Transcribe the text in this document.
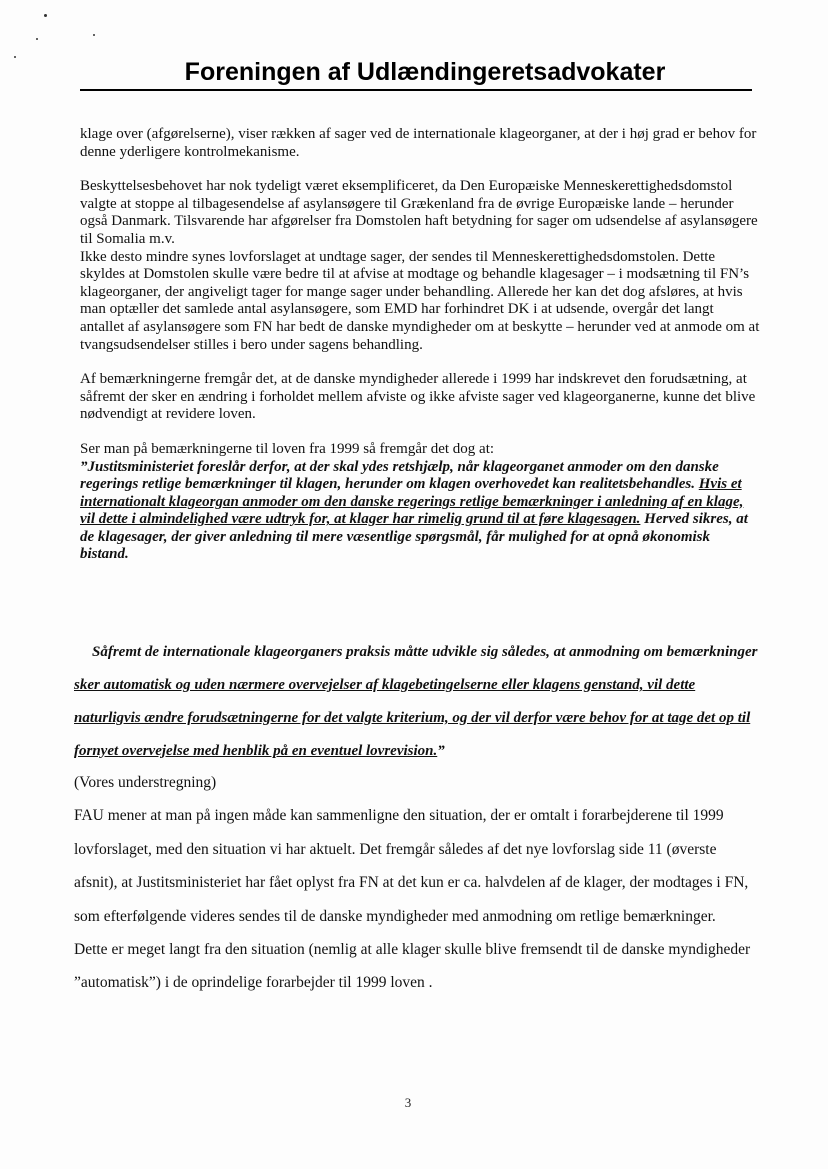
Foreningen af Udlændingeretsadvokater

klage over (afgørelserne), viser rækken af sager ved de internationale klageorganer, at der i høj grad er behov for denne yderligere kontrolmekanisme.

Beskyttelsesbehovet har nok tydeligt været eksemplificeret, da Den Europæiske Menneskerettighedsdomstol valgte at stoppe al tilbagesendelse af asylansøgere til Grækenland fra de øvrige Europæiske lande – herunder også Danmark. Tilsvarende har afgørelser fra Domstolen haft betydning for sager om udsendelse af asylansøgere til Somalia m.v.

Ikke desto mindre synes lovforslaget at undtage sager, der sendes til Menneskerettighedsdomstolen. Dette skyldes at Domstolen skulle være bedre til at afvise at modtage og behandle klagesager – i modsætning til FN’s klageorganer, der angiveligt tager for mange sager under behandling. Allerede her kan det dog afsløres, at hvis man optæller det samlede antal asylansøgere, som EMD har forhindret DK i at udsende, overgår det langt antallet af asylansøgere som FN har bedt de danske myndigheder om at beskytte – herunder ved at anmode om at tvangsudsendelser stilles i bero under sagens behandling.

Af bemærkningerne fremgår det, at de danske myndigheder allerede i 1999 har indskrevet den forudsætning, at såfremt der sker en ændring i forholdet mellem afviste og ikke afviste sager ved klageorganerne, kunne det blive nødvendigt at revidere loven.

Ser man på bemærkningerne til loven fra 1999 så fremgår det dog at:

”Justitsministeriet foreslår derfor, at der skal ydes retshjælp, når klageorganet anmoder om den danske regerings retlige bemærkninger til klagen, herunder om klagen overhovedet kan realitetsbehandles. Hvis et internationalt klageorgan anmoder om den danske regerings retlige bemærkninger i anledning af en klage, vil dette i almindelighed være udtryk for, at klager har rimelig grund til at føre klagesagen. Herved sikres, at de klagesager, der giver anledning til mere væsentlige spørgsmål, får mulighed for at opnå økonomisk bistand.

Såfremt de internationale klageorganers praksis måtte udvikle sig således, at anmodning om bemærkninger sker automatisk og uden nærmere overvejelser af klagebetingelserne eller klagens genstand, vil dette naturligvis ændre forudsætningerne for det valgte kriterium, og der vil derfor være behov for at tage det op til fornyet overvejelse med henblik på en eventuel lovrevision.”

(Vores understregning)

FAU mener at man på ingen måde kan sammenligne den situation, der er omtalt i forarbejderene til 1999 lovforslaget, med den situation vi har aktuelt. Det fremgår således af det nye lovforslag side 11 (øverste afsnit), at Justitsministeriet har fået oplyst fra FN at det kun er ca. halvdelen af de klager, der modtages i FN, som efterfølgende videres sendes til de danske myndigheder med anmodning om retlige bemærkninger.

Dette er meget langt fra den situation (nemlig at alle klager skulle blive fremsendt til de danske myndigheder ”automatisk”) i de oprindelige forarbejder til 1999 loven .

3
